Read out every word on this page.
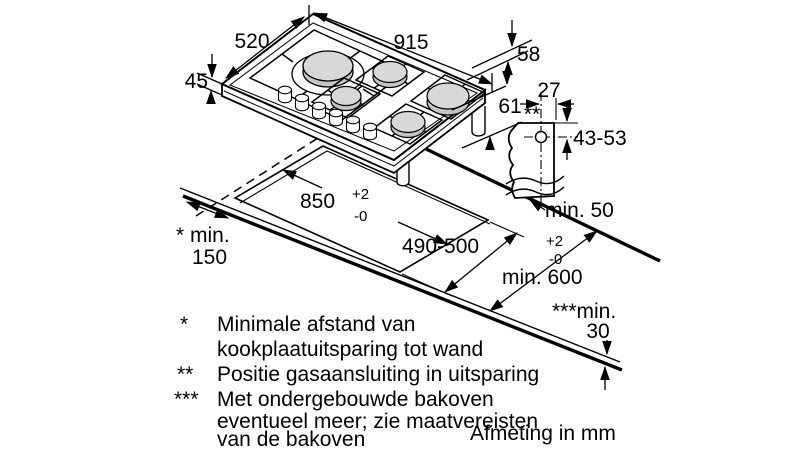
520	915
58
45
61
27
**
43-53
850 +2
-0
* min.
150
min. 50
490-500	+2
-0
min. 600
***min.
30
* Minimale afstand van
kookplaatuitsparing tot wand
** Positie gasaansluiting in uitsparing
*** Met ondergebouwde bakoven
eventueel meer; zie maatvereisten
van de bakoven	Afmeting in mm
